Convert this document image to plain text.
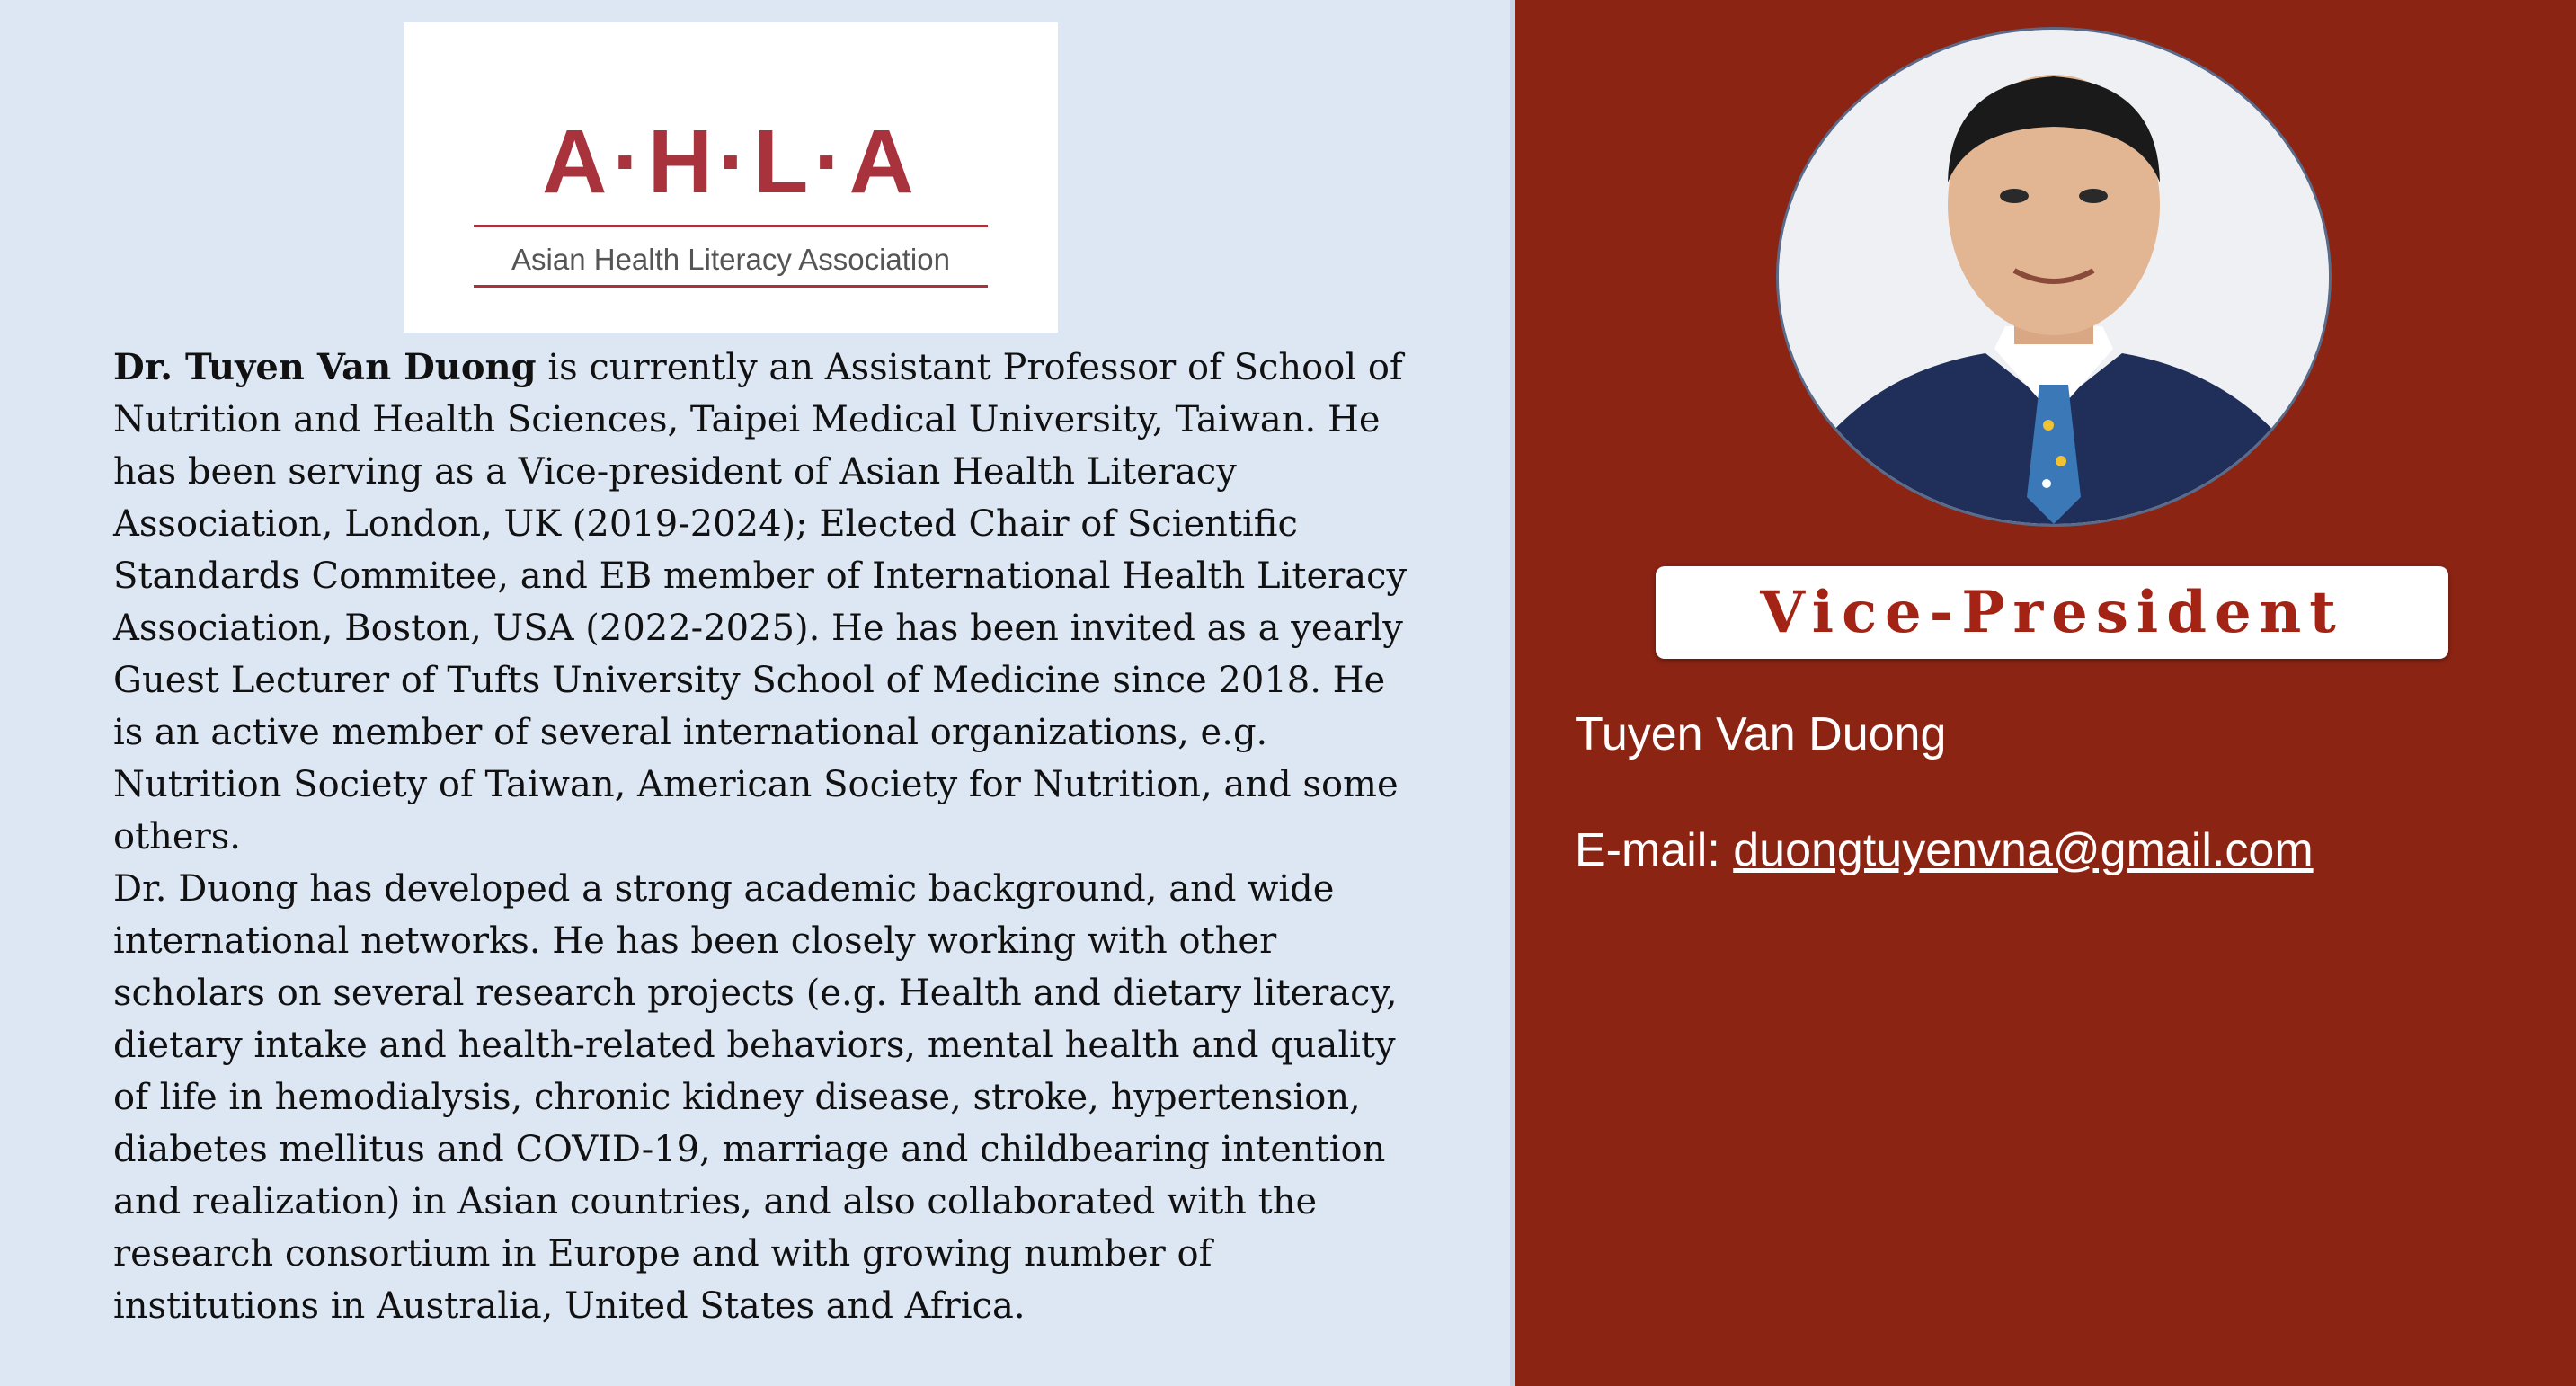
A·H·L·A
Asian Health Literacy Association

Dr. Tuyen Van Duong is currently an Assistant Professor of School of Nutrition and Health Sciences, Taipei Medical University, Taiwan. He has been serving as a Vice-president of Asian Health Literacy Association, London, UK (2019-2024); Elected Chair of Scientific Standards Commitee, and EB member of International Health Literacy Association, Boston, USA (2022-2025). He has been invited as a yearly Guest Lecturer of Tufts University School of Medicine since 2018. He is an active member of several international organizations, e.g. Nutrition Society of Taiwan, American Society for Nutrition, and some others.

Dr. Duong has developed a strong academic background, and wide international networks. He has been closely working with other scholars on several research projects (e.g. Health and dietary literacy, dietary intake and health-related behaviors, mental health and quality of life in hemodialysis, chronic kidney disease, stroke, hypertension, diabetes mellitus and COVID-19, marriage and childbearing intention and realization) in Asian countries, and also collaborated with the research consortium in Europe and with growing number of institutions in Australia, United States and Africa.

Vice-President
Tuyen Van Duong
E-mail: duongtuyenvna@gmail.com
